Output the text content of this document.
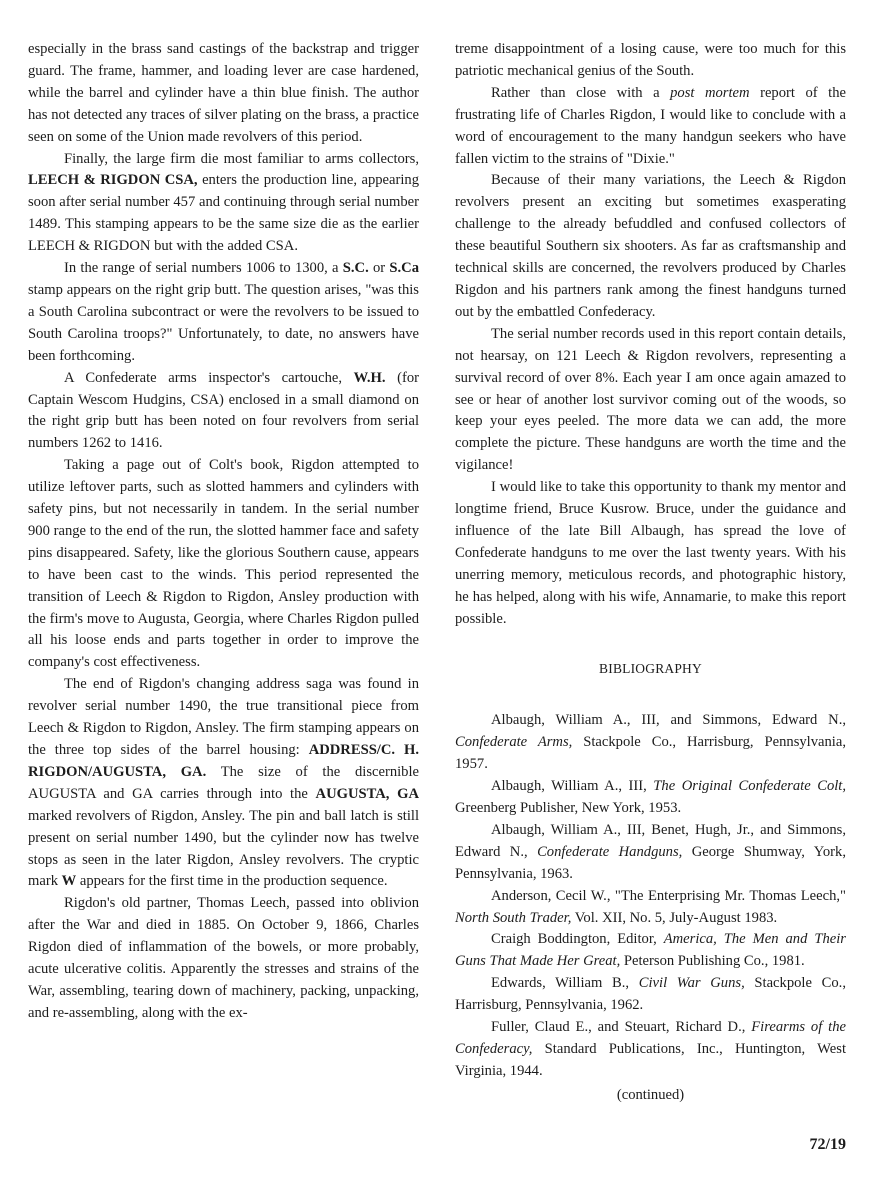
especially in the brass sand castings of the backstrap and trigger guard. The frame, hammer, and loading lever are case hardened, while the barrel and cylinder have a thin blue finish. The author has not detected any traces of silver plating on the brass, a practice seen on some of the Union made revolvers of this period.

Finally, the large firm die most familiar to arms collectors, LEECH & RIGDON CSA, enters the production line, appearing soon after serial number 457 and continuing through serial number 1489. This stamping appears to be the same size die as the earlier LEECH & RIGDON but with the added CSA.

In the range of serial numbers 1006 to 1300, a S.C. or S.Ca stamp appears on the right grip butt. The question arises, "was this a South Carolina subcontract or were the revolvers to be issued to South Carolina troops?" Unfortunately, to date, no answers have been forthcoming.

A Confederate arms inspector's cartouche, W.H. (for Captain Wescom Hudgins, CSA) enclosed in a small diamond on the right grip butt has been noted on four revolvers from serial numbers 1262 to 1416.

Taking a page out of Colt's book, Rigdon attempted to utilize leftover parts, such as slotted hammers and cylinders with safety pins, but not necessarily in tandem. In the serial number 900 range to the end of the run, the slotted hammer face and safety pins disappeared. Safety, like the glorious Southern cause, appears to have been cast to the winds. This period represented the transition of Leech & Rigdon to Rigdon, Ansley production with the firm's move to Augusta, Georgia, where Charles Rigdon pulled all his loose ends and parts together in order to improve the company's cost effectiveness.

The end of Rigdon's changing address saga was found in revolver serial number 1490, the true transitional piece from Leech & Rigdon to Rigdon, Ansley. The firm stamping appears on the three top sides of the barrel housing: ADDRESS/C. H. RIGDON/AUGUSTA, GA. The size of the discernible AUGUSTA and GA carries through into the AUGUSTA, GA marked revolvers of Rigdon, Ansley. The pin and ball latch is still present on serial number 1490, but the cylinder now has twelve stops as seen in the later Rigdon, Ansley revolvers. The cryptic mark W appears for the first time in the production sequence.

Rigdon's old partner, Thomas Leech, passed into oblivion after the War and died in 1885. On October 9, 1866, Charles Rigdon died of inflammation of the bowels, or more probably, acute ulcerative colitis. Apparently the stresses and strains of the War, assembling, tearing down of machinery, packing, unpacking, and re-assembling, along with the ex-

treme disappointment of a losing cause, were too much for this patriotic mechanical genius of the South.

Rather than close with a post mortem report of the frustrating life of Charles Rigdon, I would like to conclude with a word of encouragement to the many handgun seekers who have fallen victim to the strains of "Dixie."

Because of their many variations, the Leech & Rigdon revolvers present an exciting but sometimes exasperating challenge to the already befuddled and confused collectors of these beautiful Southern six shooters. As far as craftsmanship and technical skills are concerned, the revolvers produced by Charles Rigdon and his partners rank among the finest handguns turned out by the embattled Confederacy.

The serial number records used in this report contain details, not hearsay, on 121 Leech & Rigdon revolvers, representing a survival record of over 8%. Each year I am once again amazed to see or hear of another lost survivor coming out of the woods, so keep your eyes peeled. The more data we can add, the more complete the picture. These handguns are worth the time and the vigilance!

I would like to take this opportunity to thank my mentor and longtime friend, Bruce Kusrow. Bruce, under the guidance and influence of the late Bill Albaugh, has spread the love of Confederate handguns to me over the last twenty years. With his unerring memory, meticulous records, and photographic history, he has helped, along with his wife, Annamarie, to make this report possible.

BIBLIOGRAPHY

Albaugh, William A., III, and Simmons, Edward N., Confederate Arms, Stackpole Co., Harrisburg, Pennsylvania, 1957.

Albaugh, William A., III, The Original Confederate Colt, Greenberg Publisher, New York, 1953.

Albaugh, William A., III, Benet, Hugh, Jr., and Simmons, Edward N., Confederate Handguns, George Shumway, York, Pennsylvania, 1963.

Anderson, Cecil W., "The Enterprising Mr. Thomas Leech," North South Trader, Vol. XII, No. 5, July-August 1983.

Craigh Boddington, Editor, America, The Men and Their Guns That Made Her Great, Peterson Publishing Co., 1981.

Edwards, William B., Civil War Guns, Stackpole Co., Harrisburg, Pennsylvania, 1962.

Fuller, Claud E., and Steuart, Richard D., Firearms of the Confederacy, Standard Publications, Inc., Huntington, West Virginia, 1944.

(continued)
72/19
